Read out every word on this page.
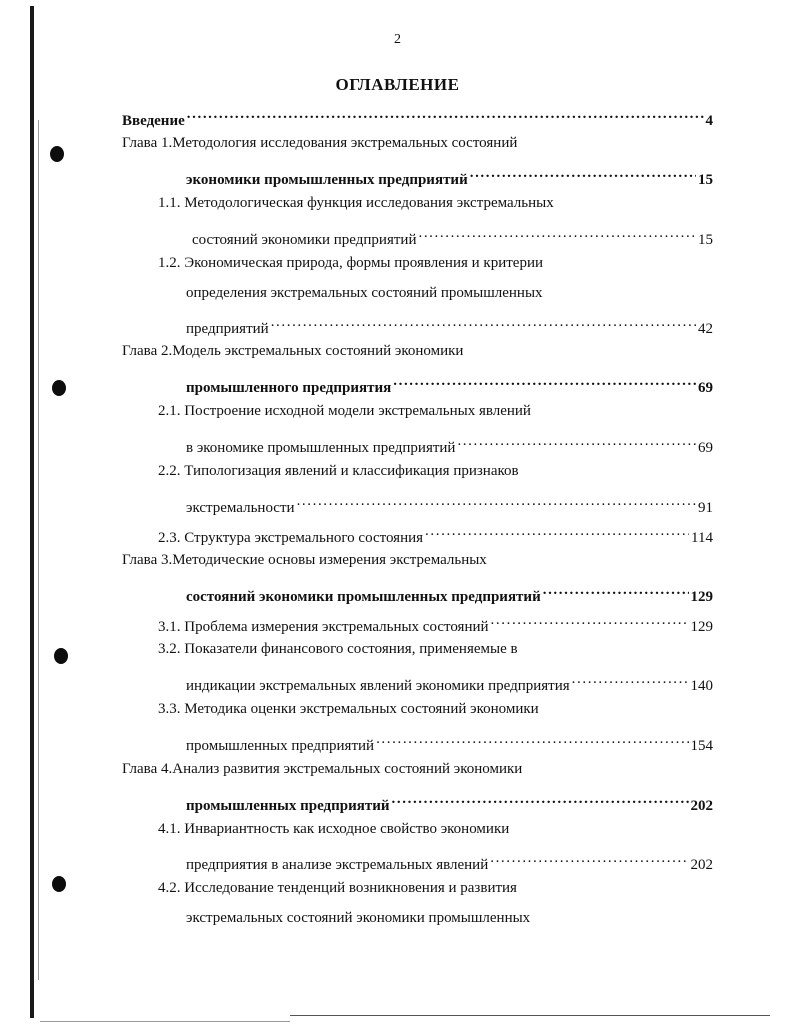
2
ОГЛАВЛЕНИЕ
Введение .....	4
Глава 1. Методология исследования экстремальных состояний
экономики промышленных предприятий .....	15
1.1. Методологическая функция исследования экстремальных
состояний экономики предприятий .....	15
1.2. Экономическая природа, формы проявления и критерии
определения экстремальных состояний промышленных
предприятий .....	42
Глава 2. Модель экстремальных состояний экономики
промышленного предприятия .....	69
2.1. Построение исходной модели экстремальных явлений
в экономике промышленных предприятий .....	69
2.2. Типологизация явлений и классификация признаков
экстремальности .....	91
2.3. Структура экстремального состояния .....	114
Глава 3. Методические основы измерения экстремальных
состояний экономики промышленных предприятий .....	129
3.1. Проблема измерения экстремальных состояний .....	129
3.2. Показатели финансового состояния, применяемые в
индикации экстремальных явлений экономики предприятия .....	140
3.3. Методика оценки экстремальных состояний экономики
промышленных предприятий .....	154
Глава 4. Анализ развития экстремальных состояний экономики
промышленных предприятий .....	202
4.1. Инвариантность как исходное свойство экономики
предприятия в анализе экстремальных явлений .....	202
4.2. Исследование тенденций возникновения и развития
экстремальных состояний экономики промышленных
